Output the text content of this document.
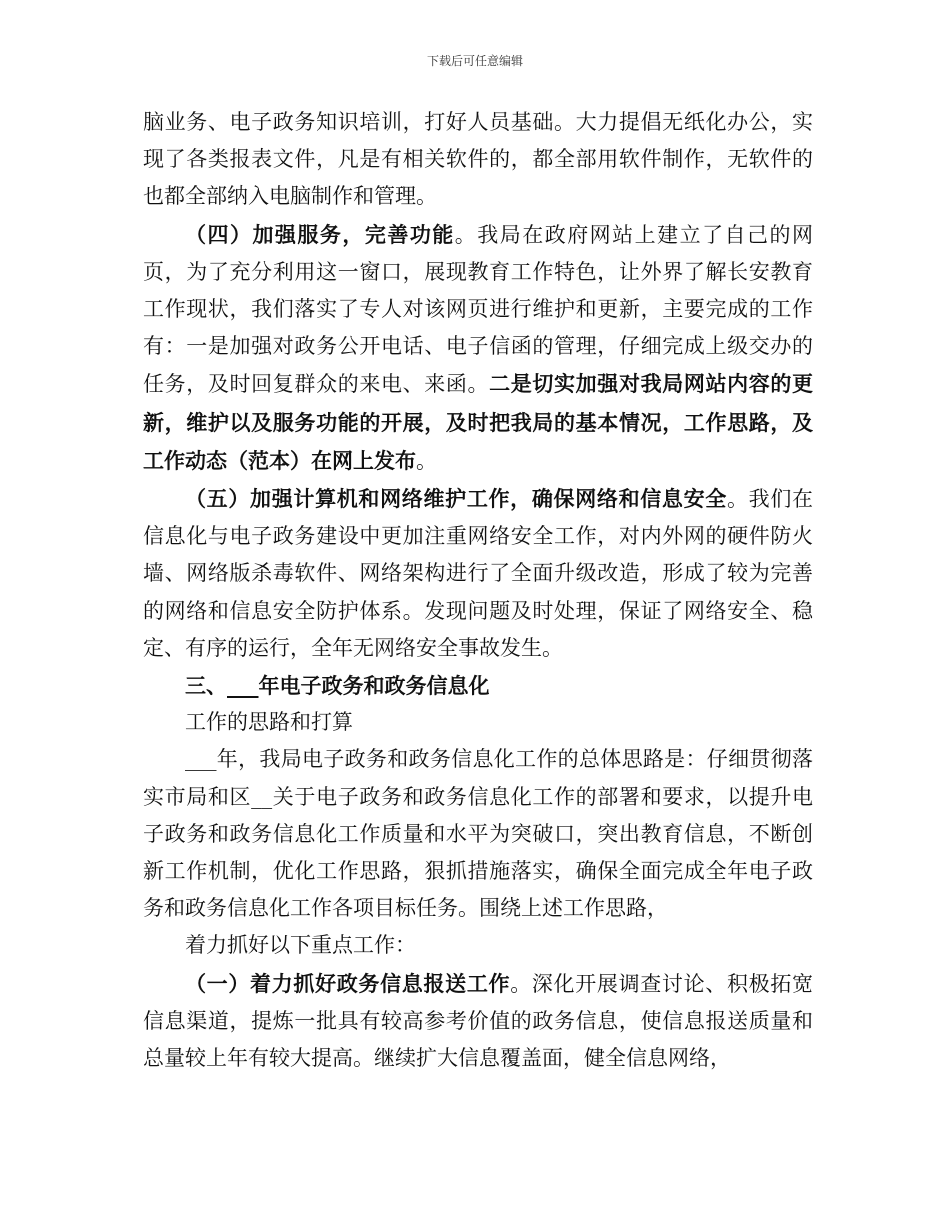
下载后可任意编辑

脑业务、电子政务知识培训，打好人员基础。大力提倡无纸化办公，实现了各类报表文件，凡是有相关软件的，都全部用软件制作，无软件的也都全部纳入电脑制作和管理。

（四）加强服务，完善功能。我局在政府网站上建立了自己的网页，为了充分利用这一窗口，展现教育工作特色，让外界了解长安教育工作现状，我们落实了专人对该网页进行维护和更新，主要完成的工作有：一是加强对政务公开电话、电子信函的管理，仔细完成上级交办的任务，及时回复群众的来电、来函。二是切实加强对我局网站内容的更新，维护以及服务功能的开展，及时把我局的基本情况，工作思路，及工作动态（范本）在网上发布。

（五）加强计算机和网络维护工作，确保网络和信息安全。我们在信息化与电子政务建设中更加注重网络安全工作，对内外网的硬件防火墙、网络版杀毒软件、网络架构进行了全面升级改造，形成了较为完善的网络和信息安全防护体系。发现问题及时处理，保证了网络安全、稳定、有序的运行，全年无网络安全事故发生。

三、___年电子政务和政务信息化

工作的思路和打算

___年，我局电子政务和政务信息化工作的总体思路是：仔细贯彻落实市局和区__关于电子政务和政务信息化工作的部署和要求，以提升电子政务和政务信息化工作质量和水平为突破口，突出教育信息，不断创新工作机制，优化工作思路，狠抓措施落实，确保全面完成全年电子政务和政务信息化工作各项目标任务。围绕上述工作思路，

着力抓好以下重点工作：

（一）着力抓好政务信息报送工作。深化开展调查讨论、积极拓宽信息渠道，提炼一批具有较高参考价值的政务信息，使信息报送质量和总量较上年有较大提高。继续扩大信息覆盖面，健全信息网络，
